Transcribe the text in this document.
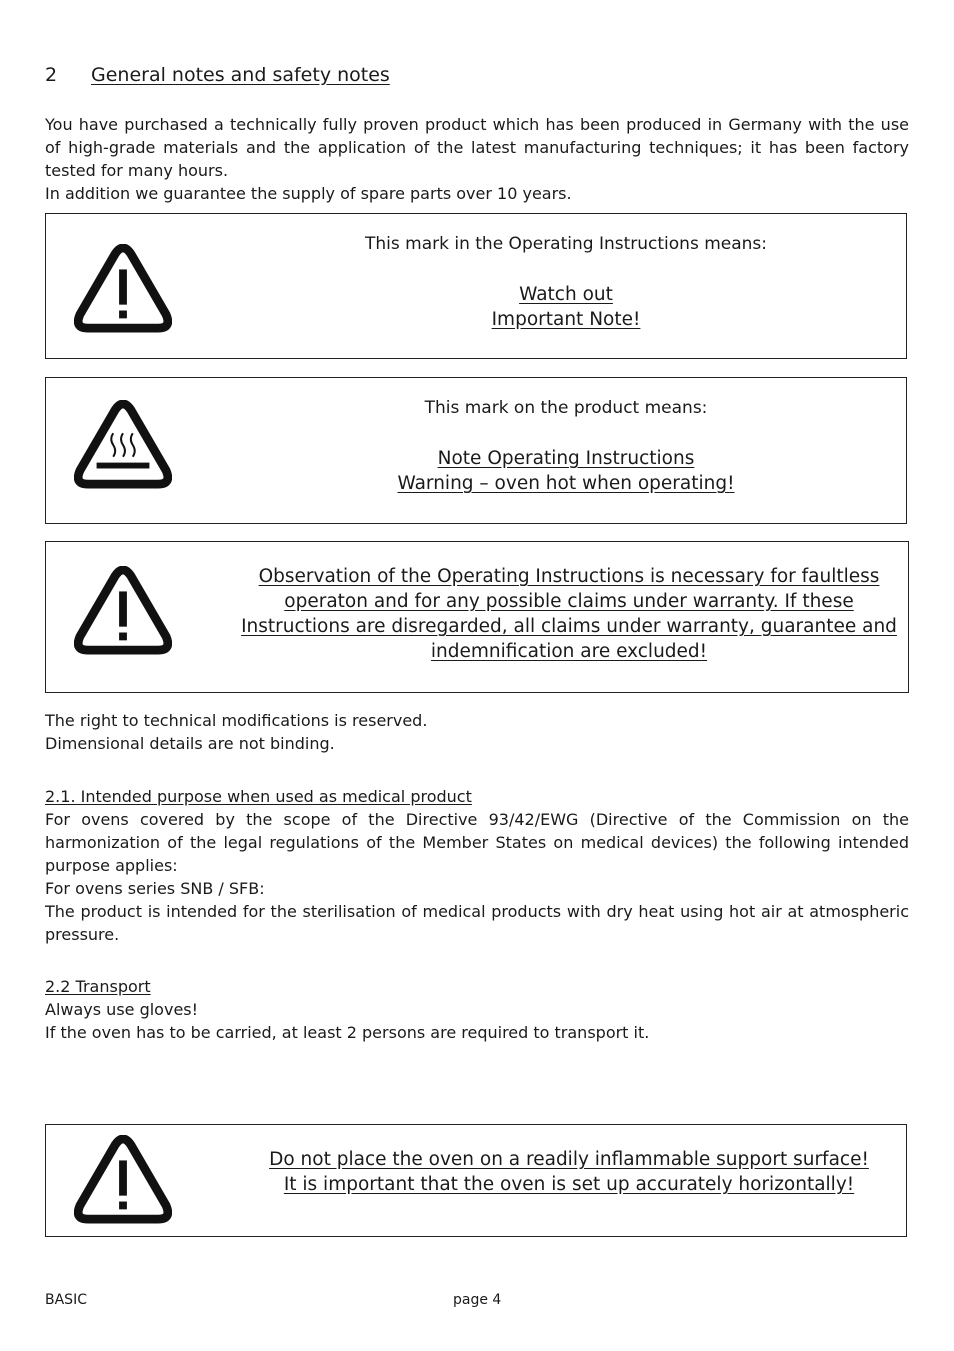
2 General notes and safety notes

You have purchased a technically fully proven product which has been produced in Germany with the use of high-grade materials and the application of the latest manufacturing techniques; it has been factory tested for many hours.
In addition we guarantee the supply of spare parts over 10 years.

This mark in the Operating Instructions means:
Watch out
Important Note!
This mark on the product means:
Note Operating Instructions
Warning – oven hot when operating!
Observation of the Operating Instructions is necessary for faultless
operaton and for any possible claims under warranty. If these
Instructions are disregarded, all claims under warranty, guarantee and
indemnification are excluded!

The right to technical modifications is reserved.
Dimensional details are not binding.

2.1. Intended purpose when used as medical product
For ovens covered by the scope of the Directive 93/42/EWG (Directive of the Commission on the harmonization of the legal regulations of the Member States on medical devices) the following intended purpose applies:
For ovens series SNB / SFB:
The product is intended for the sterilisation of medical products with dry heat using hot air at atmospheric pressure.

2.2 Transport
Always use gloves!
If the oven has to be carried, at least 2 persons are required to transport it.

Do not place the oven on a readily inflammable support surface!
It is important that the oven is set up accurately horizontally!
BASIC	page 4
